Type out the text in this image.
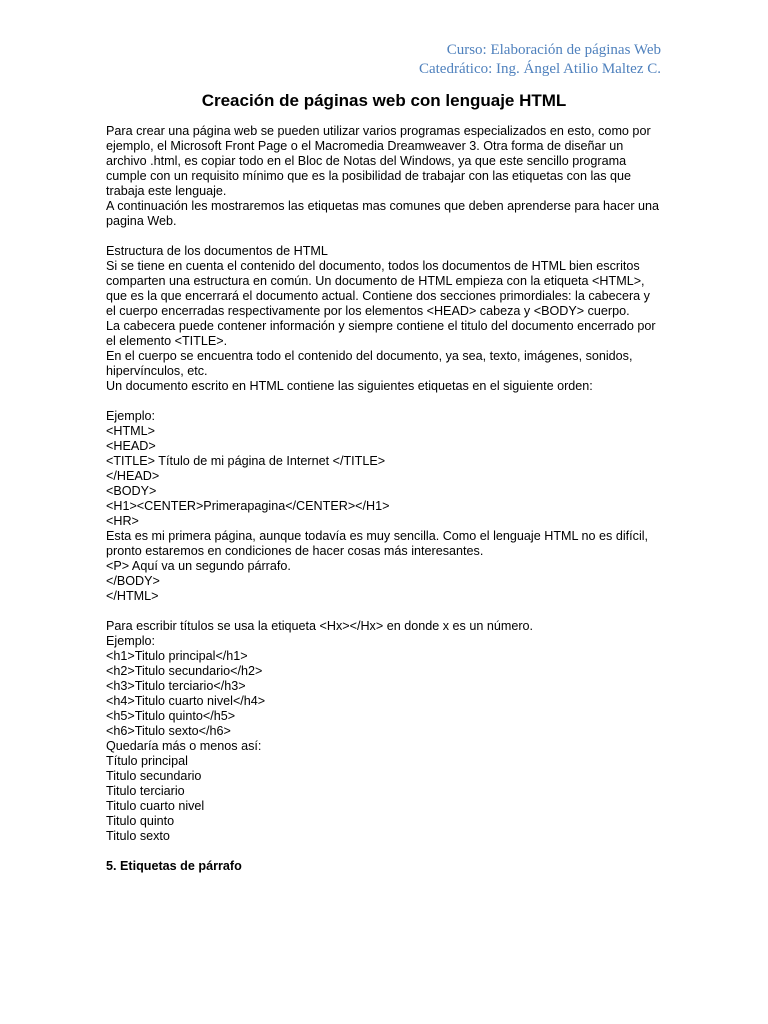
Curso: Elaboración de páginas Web
Catedrático: Ing. Ángel Atilio Maltez C.
Creación de páginas web con lenguaje HTML
Para crear una página web se pueden utilizar varios programas especializados en esto, como por
ejemplo, el Microsoft Front Page o el Macromedia Dreamweaver 3. Otra forma de diseñar un
archivo .html, es copiar todo en el Bloc de Notas del Windows, ya que este sencillo programa
cumple con un requisito mínimo que es la posibilidad de trabajar con las etiquetas con las que
trabaja este lenguaje.
A continuación les mostraremos las etiquetas mas comunes que deben aprenderse para hacer una
pagina Web.
Estructura de los documentos de HTML
Si se tiene en cuenta el contenido del documento, todos los documentos de HTML bien escritos
comparten una estructura en común. Un documento de HTML empieza con la etiqueta <HTML>,
que es la que encerrará el documento actual. Contiene dos secciones primordiales: la cabecera y
el cuerpo encerradas respectivamente por los elementos <HEAD> cabeza y <BODY> cuerpo.
La cabecera puede contener información y siempre contiene el titulo del documento encerrado por
el elemento <TITLE>.
En el cuerpo se encuentra todo el contenido del documento, ya sea, texto, imágenes, sonidos,
hipervínculos, etc.
Un documento escrito en HTML contiene las siguientes etiquetas en el siguiente orden:
Ejemplo:
<HTML>
<HEAD>
<TITLE> Título de mi página de Internet </TITLE>
</HEAD>
<BODY>
<H1><CENTER>Primerapagina</CENTER></H1>
<HR>
Esta es mi primera página, aunque todavía es muy sencilla. Como el lenguaje HTML no es difícil,
pronto estaremos en condiciones de hacer cosas más interesantes.
<P> Aquí va un segundo párrafo.
</BODY>
</HTML>
Para escribir títulos se usa la etiqueta <Hx></Hx> en donde x es un número.
Ejemplo:
<h1>Titulo principal</h1>
<h2>Titulo secundario</h2>
<h3>Titulo terciario</h3>
<h4>Titulo cuarto nivel</h4>
<h5>Titulo quinto</h5>
<h6>Titulo sexto</h6>
Quedaría más o menos así:
Título principal
Titulo secundario
Titulo terciario
Titulo cuarto nivel
Titulo quinto
Titulo sexto
5. Etiquetas de párrafo
